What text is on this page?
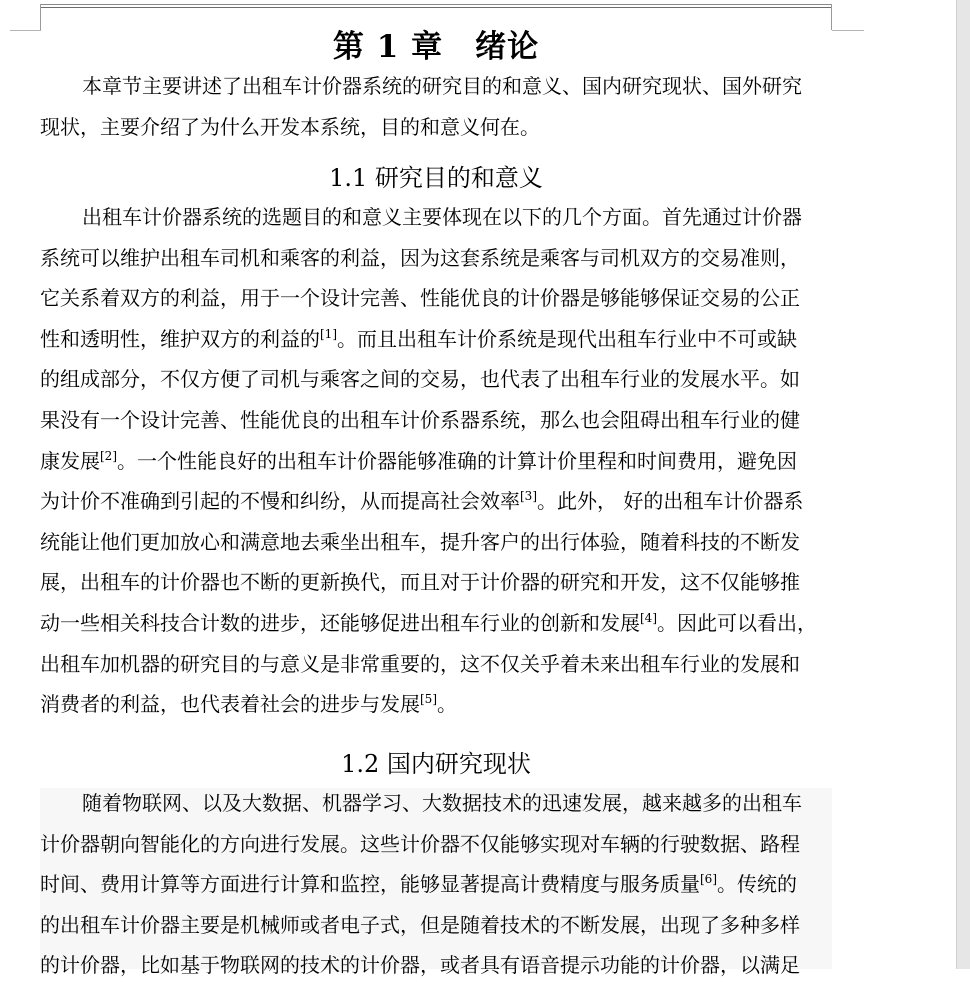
第 1 章　绪论
本章节主要讲述了出租车计价器系统的研究目的和意义、国内研究现状、国外研究
现状，主要介绍了为什么开发本系统，目的和意义何在。
1.1 研究目的和意义
出租车计价器系统的选题目的和意义主要体现在以下的几个方面。首先通过计价器
系统可以维护出租车司机和乘客的利益，因为这套系统是乘客与司机双方的交易准则，
它关系着双方的利益，用于一个设计完善、性能优良的计价器是够能够保证交易的公正
性和透明性，维护双方的利益的[1]。而且出租车计价系统是现代出租车行业中不可或缺
的组成部分，不仅方便了司机与乘客之间的交易，也代表了出租车行业的发展水平。如
果没有一个设计完善、性能优良的出租车计价系器系统，那么也会阻碍出租车行业的健
康发展[2]。一个性能良好的出租车计价器能够准确的计算计价里程和时间费用，避免因
为计价不准确到引起的不慢和纠纷，从而提高社会效率[3]。此外， 好的出租车计价器系
统能让他们更加放心和满意地去乘坐出租车，提升客户的出行体验，随着科技的不断发
展，出租车的计价器也不断的更新换代，而且对于计价器的研究和开发，这不仅能够推
动一些相关科技合计数的进步，还能够促进出租车行业的创新和发展[4]。因此可以看出，
出租车加机器的研究目的与意义是非常重要的，这不仅关乎着未来出租车行业的发展和
消费者的利益，也代表着社会的进步与发展[5]。
1.2 国内研究现状
随着物联网、以及大数据、机器学习、大数据技术的迅速发展，越来越多的出租车
计价器朝向智能化的方向进行发展。这些计价器不仅能够实现对车辆的行驶数据、路程
时间、费用计算等方面进行计算和监控，能够显著提高计费精度与服务质量[6]。传统的
的出租车计价器主要是机械师或者电子式，但是随着技术的不断发展，出现了多种多样
的计价器，比如基于物联网的技术的计价器，或者具有语音提示功能的计价器，以满足
